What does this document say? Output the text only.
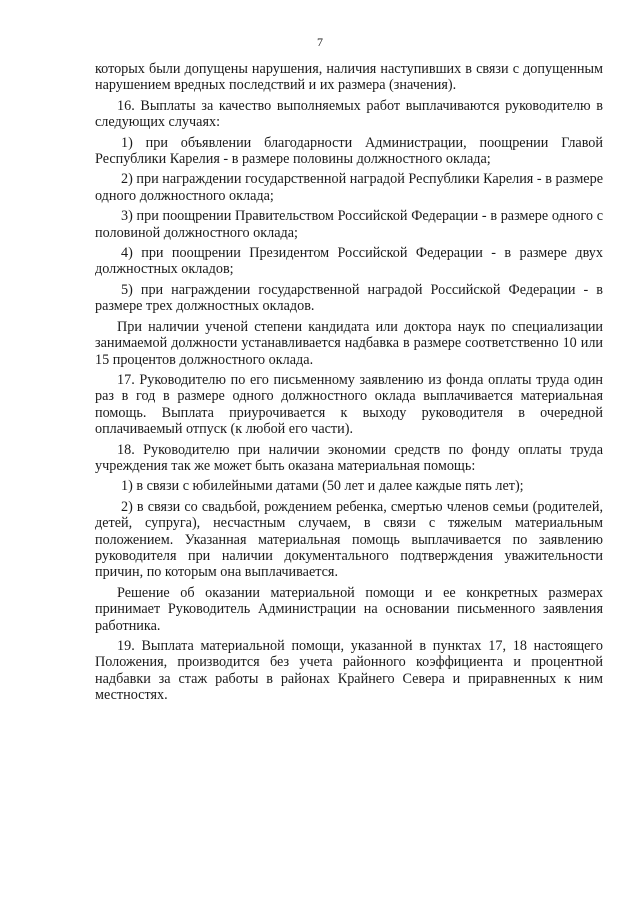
7

которых были допущены нарушения, наличия наступивших в связи с допущенным нарушением вредных последствий и их размера (значения).

16. Выплаты за качество выполняемых работ выплачиваются руководителю в следующих случаях:

1) при объявлении благодарности Администрации, поощрении Главой Республики Карелия - в размере половины должностного оклада;

2) при награждении государственной наградой Республики Карелия - в размере одного должностного оклада;

3) при поощрении Правительством Российской Федерации - в размере одного с половиной должностного оклада;

4) при поощрении Президентом Российской Федерации - в размере двух должностных окладов;

5) при награждении государственной наградой Российской Федерации - в размере трех должностных окладов.

При наличии ученой степени кандидата или доктора наук по специализации занимаемой должности устанавливается надбавка в размере соответственно 10 или 15 процентов должностного оклада.

17. Руководителю по его письменному заявлению из фонда оплаты труда один раз в год в размере одного должностного оклада выплачивается материальная помощь. Выплата приурочивается к выходу руководителя в очередной оплачиваемый отпуск (к любой его части).

18. Руководителю при наличии экономии средств по фонду оплаты труда учреждения так же может быть оказана материальная помощь:

1) в связи с юбилейными датами (50 лет и далее каждые пять лет);

2) в связи со свадьбой, рождением ребенка, смертью членов семьи (родителей, детей, супруга), несчастным случаем, в связи с тяжелым материальным положением. Указанная материальная помощь выплачивается по заявлению руководителя при наличии документального подтверждения уважительности причин, по которым она выплачивается.

Решение об оказании материальной помощи и ее конкретных размерах принимает Руководитель Администрации на основании письменного заявления работника.

19. Выплата материальной помощи, указанной в пунктах 17, 18 настоящего Положения, производится без учета районного коэффициента и процентной надбавки за стаж работы в районах Крайнего Севера и приравненных к ним местностях.
